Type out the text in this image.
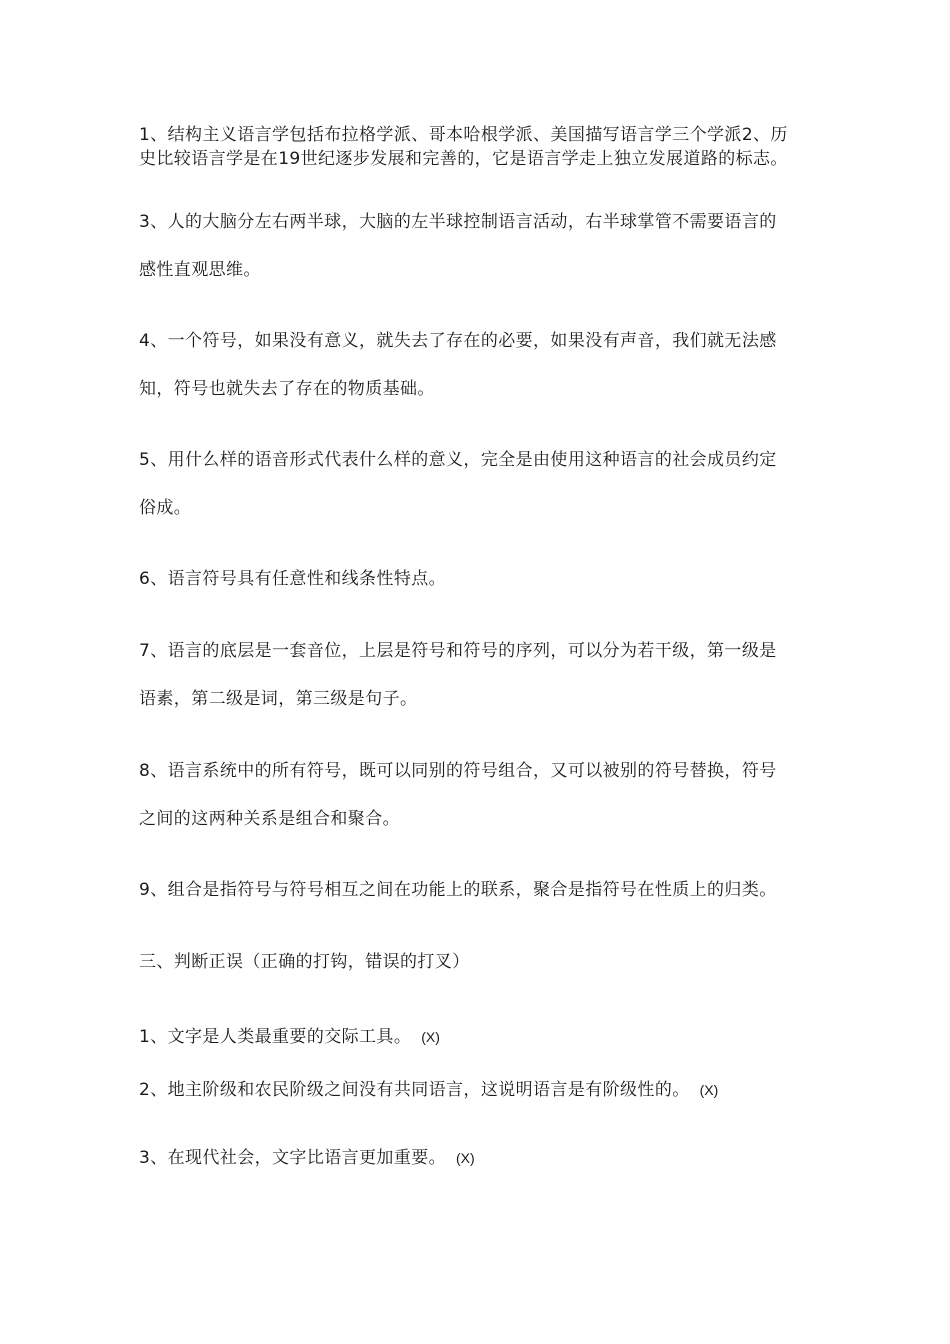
1、结构主义语言学包括布拉格学派、哥本哈根学派、美国描写语言学三个学派2、历
史比较语言学是在19世纪逐步发展和完善的，它是语言学走上独立发展道路的标志。
3、人的大脑分左右两半球，大脑的左半球控制语言活动，右半球掌管不需要语言的
感性直观思维。
4、一个符号，如果没有意义，就失去了存在的必要，如果没有声音，我们就无法感
知，符号也就失去了存在的物质基础。
5、用什么样的语音形式代表什么样的意义，完全是由使用这种语言的社会成员约定
俗成。
6、语言符号具有任意性和线条性特点。
7、语言的底层是一套音位，上层是符号和符号的序列，可以分为若干级，第一级是
语素，第二级是词，第三级是句子。
8、语言系统中的所有符号，既可以同别的符号组合，又可以被别的符号替换，符号
之间的这两种关系是组合和聚合。
9、组合是指符号与符号相互之间在功能上的联系，聚合是指符号在性质上的归类。
三、判断正误（正确的打钩，错误的打叉）
1、文字是人类最重要的交际工具。 (X)
2、地主阶级和农民阶级之间没有共同语言，这说明语言是有阶级性的。 (X)
3、在现代社会，文字比语言更加重要。 (X)
